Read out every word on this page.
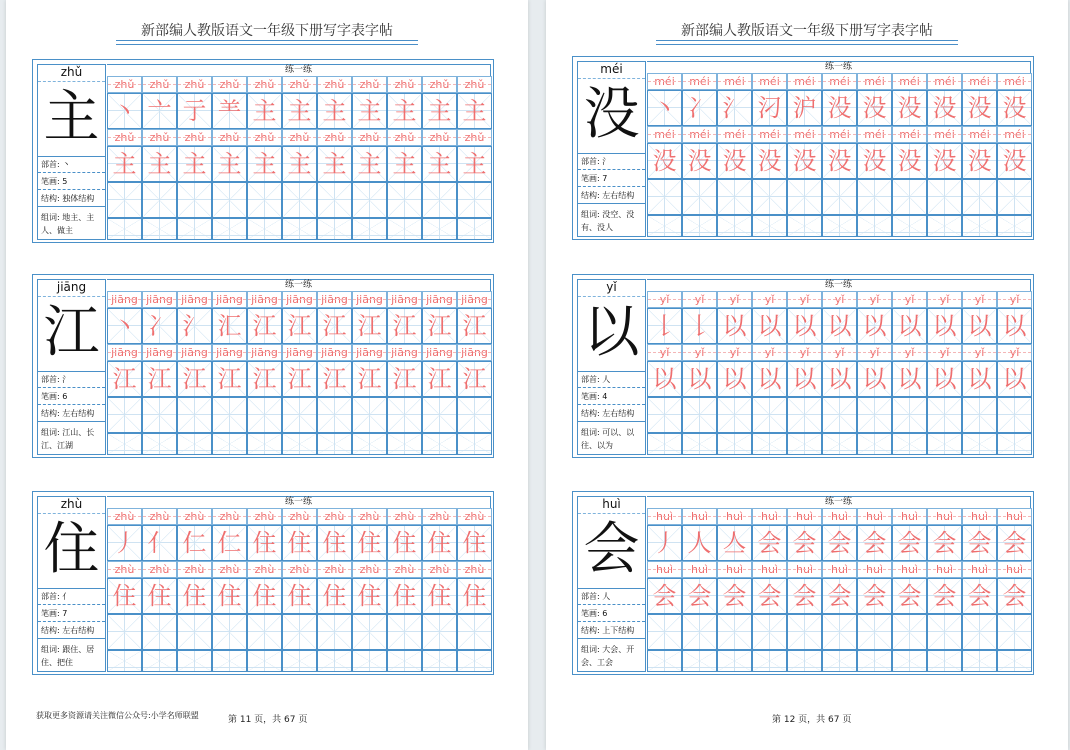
新部编人教版语文一年级下册写字表字帖
zhǔ
主
部首: 丶
笔画: 5
结构: 独体结构
组词: 地主、主人、做主
练一练
zhǔ	zhǔ	zhǔ	zhǔ	zhǔ	zhǔ	zhǔ	zhǔ	zhǔ	zhǔ	zhǔ
丶 亠 亍 ⺷ 主 主 主 主 主 主 主
zhǔ	zhǔ	zhǔ	zhǔ	zhǔ	zhǔ	zhǔ	zhǔ	zhǔ	zhǔ	zhǔ
主 主 主 主 主 主 主 主 主 主 主
jiāng
江
部首: 氵
笔画: 6
结构: 左右结构
组词: 江山、长江、江湖
练一练
jiāng jiāng jiāng jiāng jiāng jiāng jiāng jiāng jiāng jiāng jiāng
丶 冫 氵 汇 江 江 江 江 江 江 江
jiāng jiāng jiāng jiāng jiāng jiāng jiāng jiāng jiāng jiāng jiāng
江 江 江 江 江 江 江 江 江 江 江
zhù
住
部首: 亻
笔画: 7
结构: 左右结构
组词: 跟住、居住、把住
练一练
zhù	zhù	zhù	zhù	zhù	zhù	zhù	zhù	zhù	zhù	zhù
丿 亻 仁 仁 住 住 住 住 住 住 住
zhù	zhù	zhù	zhù	zhù	zhù	zhù	zhù	zhù	zhù	zhù
住 住 住 住 住 住 住 住 住 住 住
获取更多资源请关注微信公众号:小学名师联盟	第 11 页，共 67 页
新部编人教版语文一年级下册写字表字帖
méi
没
部首: 氵
笔画: 7
结构: 左右结构
组词: 没空、没有、没人
练一练
méi	méi	méi	méi	méi	méi	méi	méi	méi	méi	méi
丶 冫 氵 汈 沪 没 没 没 没 没 没
méi	méi	méi	méi	méi	méi	méi	méi	méi	méi	méi
没 没 没 没 没 没 没 没 没 没 没
yǐ
以
部首: 人
笔画: 4
结构: 左右结构
组词: 可以、以往、以为
练一练
yǐ	yǐ	yǐ	yǐ	yǐ	yǐ	yǐ	yǐ	yǐ	yǐ	yǐ
𠄌 𠄌 以 以 以 以 以 以 以 以 以
yǐ	yǐ	yǐ	yǐ	yǐ	yǐ	yǐ	yǐ	yǐ	yǐ	yǐ
以 以 以 以 以 以 以 以 以 以 以
huì
会
部首: 人
笔画: 6
结构: 上下结构
组词: 大会、开会、工会
练一练
huì	huì	huì	huì	huì	huì	huì	huì	huì	huì	huì
丿 人 亼 会 会 会 会 会 会 会 会
huì	huì	huì	huì	huì	huì	huì	huì	huì	huì	huì
会 会 会 会 会 会 会 会 会 会 会
第 12 页，共 67 页
